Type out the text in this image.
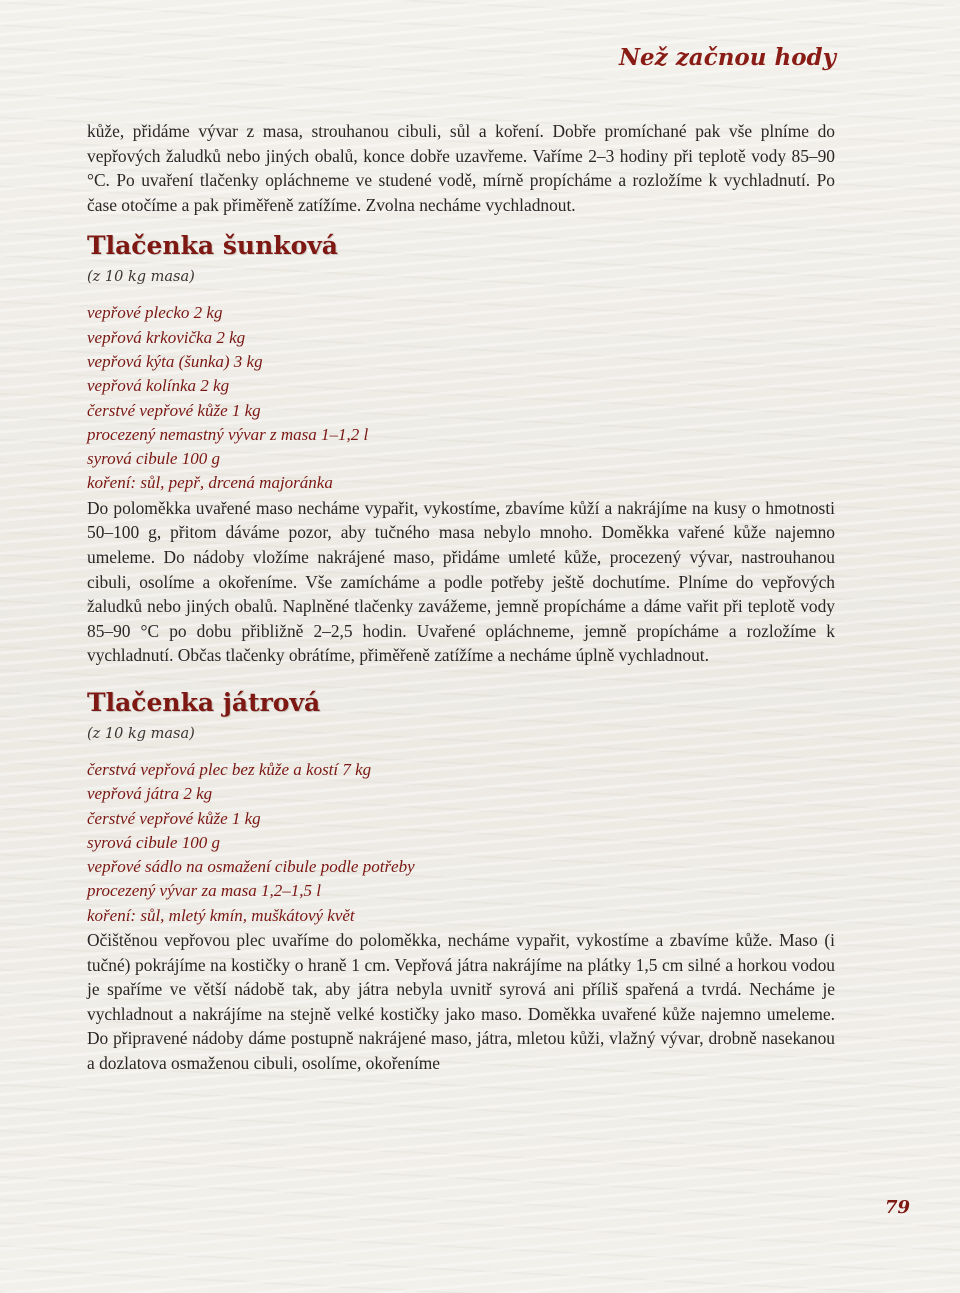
Než začnou hody

kůže, přidáme vývar z masa, strouhanou cibuli, sůl a koření. Dobře promíchané pak vše plníme do vepřových žaludků nebo jiných obalů, konce dobře uzavřeme. Vaříme 2–3 hodiny při teplotě vody 85–90 °C. Po uvaření tlačenky opláchneme ve studené vodě, mírně propícháme a rozložíme k vychladnutí. Po čase otočíme a pak přiměřeně zatížíme. Zvolna necháme vychladnout.

Tlačenka šunková

(z 10 kg masa)

vepřové plecko 2 kg
vepřová krkovička 2 kg
vepřová kýta (šunka) 3 kg
vepřová kolínka 2 kg
čerstvé vepřové kůže 1 kg
procezený nemastný vývar z masa 1–1,2 l
syrová cibule 100 g
koření: sůl, pepř, drcená majoránka

Do poloměkka uvařené maso necháme vypařit, vykostíme, zbavíme kůží a nakrájíme na kusy o hmotnosti 50–100 g, přitom dáváme pozor, aby tučného masa nebylo mnoho. Doměkka vařené kůže najemno umeleme. Do nádoby vložíme nakrájené maso, přidáme umleté kůže, procezený vývar, nastrouhanou cibuli, osolíme a okořeníme. Vše zamícháme a podle potřeby ještě dochutíme. Plníme do vepřových žaludků nebo jiných obalů. Naplněné tlačenky zavážeme, jemně propícháme a dáme vařit při teplotě vody 85–90 °C po dobu přibližně 2–2,5 hodin. Uvařené opláchneme, jemně propícháme a rozložíme k vychladnutí. Občas tlačenky obrátíme, přiměřeně zatížíme a necháme úplně vychladnout.

Tlačenka játrová

(z 10 kg masa)

čerstvá vepřová plec bez kůže a kostí 7 kg
vepřová játra 2 kg
čerstvé vepřové kůže 1 kg
syrová cibule 100 g
vepřové sádlo na osmažení cibule podle potřeby
procezený vývar za masa 1,2–1,5 l
koření: sůl, mletý kmín, muškátový květ

Očištěnou vepřovou plec uvaříme do poloměkka, necháme vypařit, vykostíme a zbavíme kůže. Maso (i tučné) pokrájíme na kostičky o hraně 1 cm. Vepřová játra nakrájíme na plátky 1,5 cm silné a horkou vodou je spaříme ve větší nádobě tak, aby játra nebyla uvnitř syrová ani příliš spařená a tvrdá. Necháme je vychladnout a nakrájíme na stejně velké kostičky jako maso. Doměkka uvařené kůže najemno umeleme. Do připravené nádoby dáme postupně nakrájené maso, játra, mletou kůži, vlažný vývar, drobně nasekanou a dozlatova osmaženou cibuli, osolíme, okořeníme

79
